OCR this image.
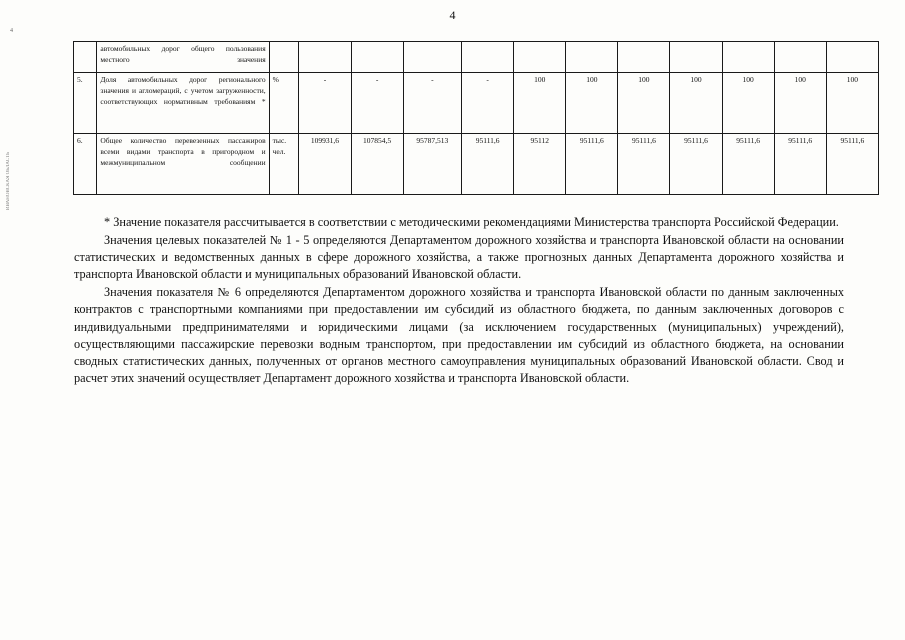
4
ИВАНОВСКАЯ ОБЛАСТЬ
4
	автомобильных дорог общего пользования местного значения												
5.	Доля автомобильных дорог регионального значения и агломераций, с учетом загруженности, соответствующих нормативным требованиям *	%	-	-	-	-	100	100	100	100	100	100	100
6.	Общее количество перевезенных пассажиров всеми видами транспорта в пригородном и межмуниципальном сообщении	тыс. чел.	109931,6	107854,5	95787,513	95111,6	95112	95111,6	95111,6	95111,6	95111,6	95111,6	95111,6

* Значение показателя рассчитывается в соответствии с методическими рекомендациями Министерства транспорта Российской Федерации.

Значения целевых показателей № 1 - 5 определяются Департаментом дорожного хозяйства и транспорта Ивановской области на основании статистических и ведомственных данных в сфере дорожного хозяйства, а также прогнозных данных Департамента дорожного хозяйства и транспорта Ивановской области и муниципальных образований Ивановской области.

Значения показателя № 6 определяются Департаментом дорожного хозяйства и транспорта Ивановской области по данным заключенных контрактов с транспортными компаниями при предоставлении им субсидий из областного бюджета, по данным заключенных договоров с индивидуальными предпринимателями и юридическими лицами (за исключением государственных (муниципальных) учреждений), осуществляющими пассажирские перевозки водным транспортом, при предоставлении им субсидий из областного бюджета, на основании сводных статистических данных, полученных от органов местного самоуправления муниципальных образований Ивановской области. Свод и расчет этих значений осуществляет Департамент дорожного хозяйства и транспорта Ивановской области.
